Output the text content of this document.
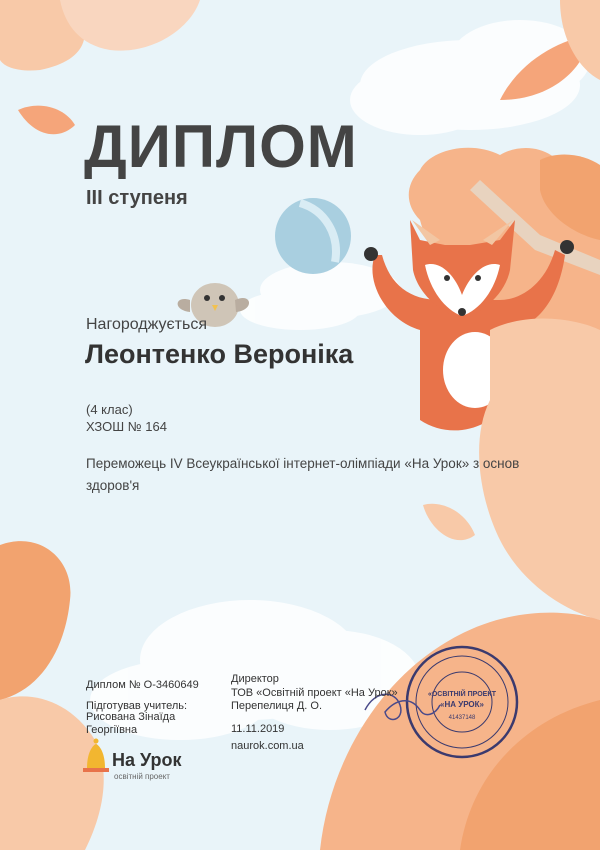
«ОСВІТНІЙ ПРОЕКТ
«НА УРОК»
41437148
ДИПЛОМ
ІІІ ступеня
Нагороджується
Леонтенко Вероніка
(4 клас)
ХЗОШ № 164
Переможець IV Всеукраїнської інтернет-олімпіади «На Урок» з основ здоров'я
Диплом № О-3460649
Підготував учитель:
Рисована Зінаїда Георгіївна
Директор
ТОВ «Освітній проект «На Урок»
Перепелиця Д. О.
11.11.2019
naurok.com.ua
На Урок
освітній проект
